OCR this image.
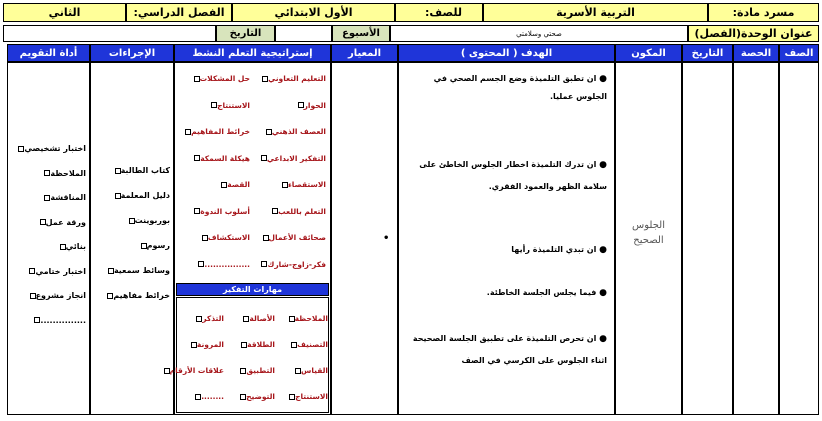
مسرد مادة:
التربية الأسرية
للصف:
الأول الابتدائي
الفصل الدراسي:
الثاني
عنوان الوحدة(الفصل)
صحتي وسلامتي
الأسبوع
التاريخ
الصف
الحصة
التاريخ
المكون
الهدف ( المحتوى )
المعيار
إستراتيجية التعلم النشط
الإجراءات
أداة التقويم
الجلوس الصحيح
● ان تطبق التلميذة وضع الجسم الصحي في الجلوس عمليا.
● ان تدرك التلميذة اخطار الجلوس الخاطئ على سلامة الظهر والعمود الفقري.
● ان تبدي التلميذة رأيها
● فيما يجلس الجلسة الخاطئة.
● ان تحرص التلميذة على تطبيق الجلسة الصحيحة اثناء الجلوس على الكرسي في الصف
•
التعليم التعاوني
الحوار
العصف الذهني
التفكير الابداعي
الاستقصاء
التعلم باللعب
صحائف الأعمال
فكر-زاوج-شارك
حل المشكلات
الاستنتاج
خرائط المفاهيم
هيكلة السمكة
القصة
أسلوب الندوة
الاستكشاف
................
مهارات التفكير
الملاحظة
التصنيف
القياس
الاستنتاج
الأصالة
الطلاقة
التطبيق
التوضيح
التذكر
المرونة
علاقات الأرقام
........
كتاب الطالبة
دليل المعلمة
بوربوينت
رسوم
وسائط سمعية
خرائط مفاهيم
اختبار تشخيصي
الملاحظة
المناقشة
ورقة عمل
بنائي
اختبار ختامي
انجاز مشروع
...............
